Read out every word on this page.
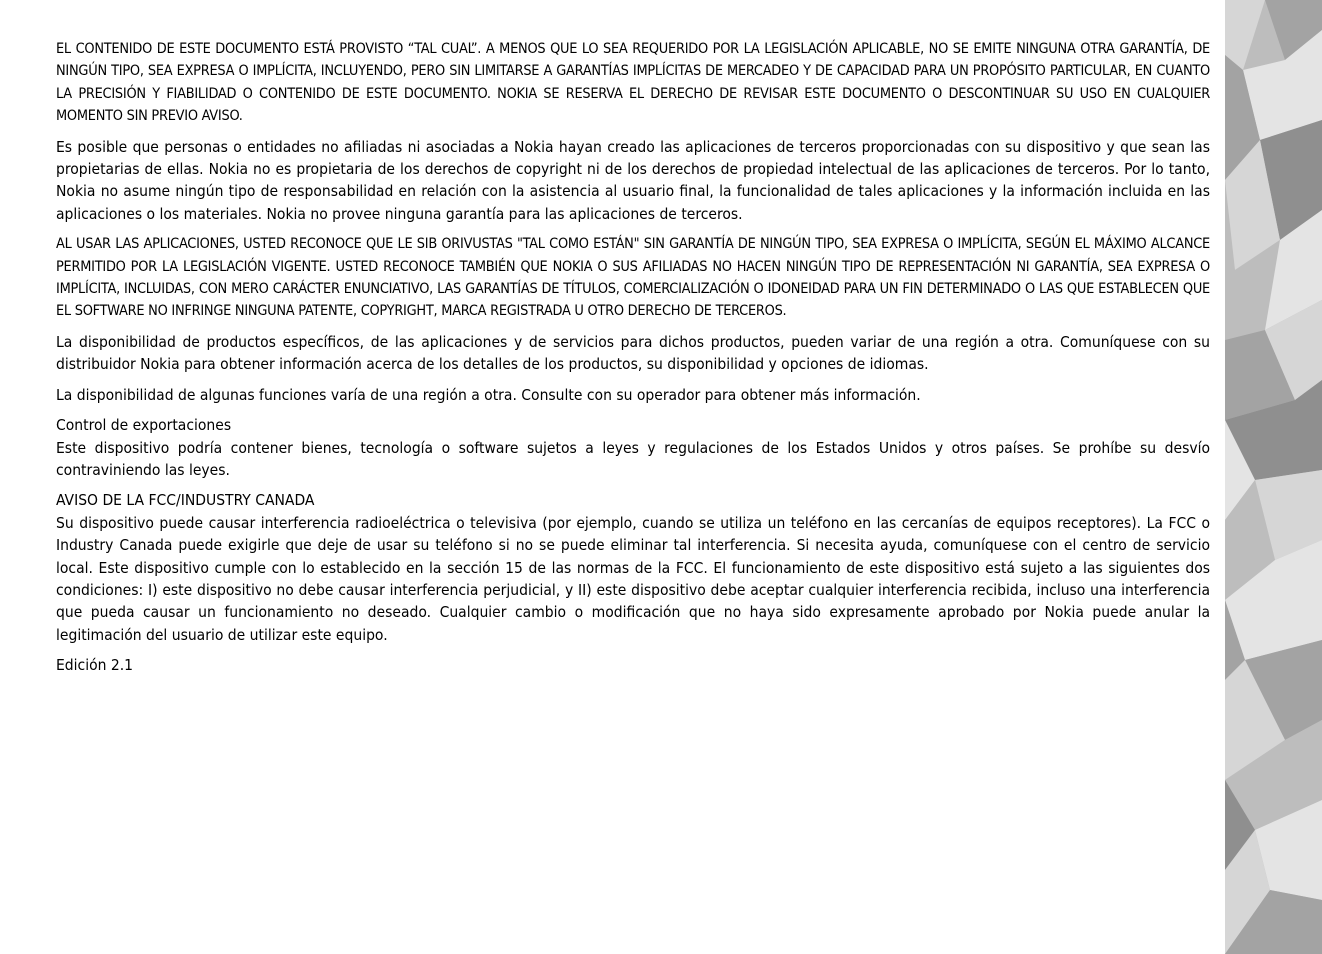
EL CONTENIDO DE ESTE DOCUMENTO ESTÁ PROVISTO “TAL CUAL”. A MENOS QUE LO SEA REQUERIDO POR LA LEGISLACIÓN APLICABLE, NO SE EMITE NINGUNA OTRA GARANTÍA, DE NINGÚN TIPO, SEA EXPRESA O IMPLÍCITA, INCLUYENDO, PERO SIN LIMITARSE A GARANTÍAS IMPLÍCITAS DE MERCADEO Y DE CAPACIDAD PARA UN PROPÓSITO PARTICULAR, EN CUANTO LA PRECISIÓN Y FIABILIDAD O CONTENIDO DE ESTE DOCUMENTO. NOKIA SE RESERVA EL DERECHO DE REVISAR ESTE DOCUMENTO O DESCONTINUAR SU USO EN CUALQUIER MOMENTO SIN PREVIO AVISO.

Es posible que personas o entidades no afiliadas ni asociadas a Nokia hayan creado las aplicaciones de terceros proporcionadas con su dispositivo y que sean las propietarias de ellas. Nokia no es propietaria de los derechos de copyright ni de los derechos de propiedad intelectual de las aplicaciones de terceros. Por lo tanto, Nokia no asume ningún tipo de responsabilidad en relación con la asistencia al usuario final, la funcionalidad de tales aplicaciones y la información incluida en las aplicaciones o los materiales. Nokia no provee ninguna garantía para las aplicaciones de terceros.

AL USAR LAS APLICACIONES, USTED RECONOCE QUE LE SIB ORIVUSTAS "TAL COMO ESTÁN" SIN GARANTÍA DE NINGÚN TIPO, SEA EXPRESA O IMPLÍCITA, SEGÚN EL MÁXIMO ALCANCE PERMITIDO POR LA LEGISLACIÓN VIGENTE. USTED RECONOCE TAMBIÉN QUE NOKIA O SUS AFILIADAS NO HACEN NINGÚN TIPO DE REPRESENTACIÓN NI GARANTÍA, SEA EXPRESA O IMPLÍCITA, INCLUIDAS, CON MERO CARÁCTER ENUNCIATIVO, LAS GARANTÍAS DE TÍTULOS, COMERCIALIZACIÓN O IDONEIDAD PARA UN FIN DETERMINADO O LAS QUE ESTABLECEN QUE EL SOFTWARE NO INFRINGE NINGUNA PATENTE, COPYRIGHT, MARCA REGISTRADA U OTRO DERECHO DE TERCEROS.

La disponibilidad de productos específicos, de las aplicaciones y de servicios para dichos productos, pueden variar de una región a otra. Comuníquese con su distribuidor Nokia para obtener información acerca de los detalles de los productos, su disponibilidad y opciones de idiomas.

La disponibilidad de algunas funciones varía de una región a otra. Consulte con su operador para obtener más información.

Control de exportaciones
Este dispositivo podría contener bienes, tecnología o software sujetos a leyes y regulaciones de los Estados Unidos y otros países. Se prohíbe su desvío contraviniendo las leyes.

AVISO DE LA FCC/INDUSTRY CANADA
Su dispositivo puede causar interferencia radioeléctrica o televisiva (por ejemplo, cuando se utiliza un teléfono en las cercanías de equipos receptores). La FCC o Industry Canada puede exigirle que deje de usar su teléfono si no se puede eliminar tal interferencia. Si necesita ayuda, comuníquese con el centro de servicio local. Este dispositivo cumple con lo establecido en la sección 15 de las normas de la FCC. El funcionamiento de este dispositivo está sujeto a las siguientes dos condiciones: I) este dispositivo no debe causar interferencia perjudicial, y II) este dispositivo debe aceptar cualquier interferencia recibida, incluso una interferencia que pueda causar un funcionamiento no deseado. Cualquier cambio o modificación que no haya sido expresamente aprobado por Nokia puede anular la legitimación del usuario de utilizar este equipo.

Edición 2.1
